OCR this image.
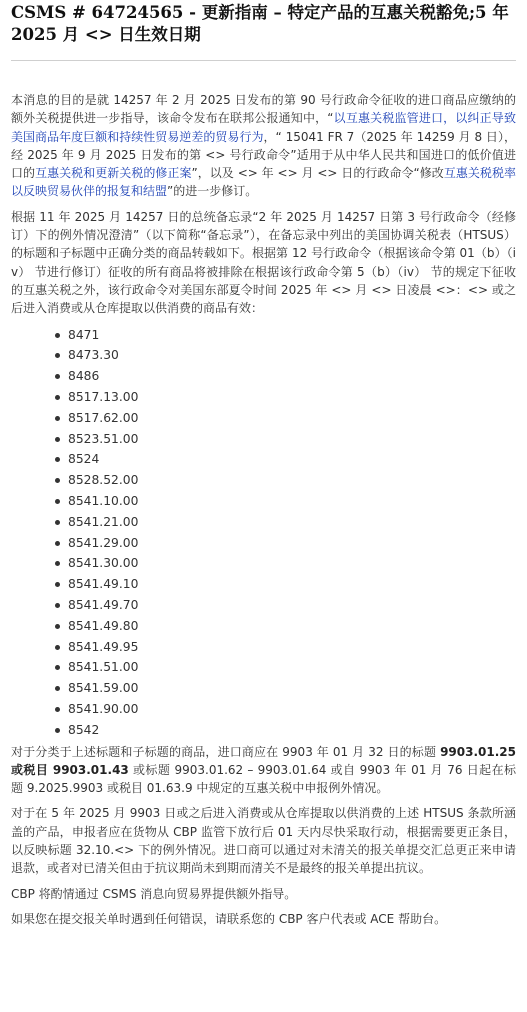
CSMS # 64724565 - 更新指南 – 特定产品的互惠关税豁免;5 年 2025 月 <> 日生效日期

本消息的目的是就 14257 年 2 月 2025 日发布的第 90 号行政命令征收的进口商品应缴纳的额外关税提供进一步指导，该命令发布在联邦公报通知中，“以互惠关税监管进口，以纠正导致美国商品年度巨额和持续性贸易逆差的贸易行为，“ 15041 FR 7（2025 年 14259 月 8 日），经 2025 年 9 月 2025 日发布的第 <> 号行政命令”适用于从中华人民共和国进口的低价值进口的互惠关税和更新关税的修正案”，以及 <> 年 <> 月 <> 日的行政命令“修改互惠关税税率以反映贸易伙伴的报复和结盟”的进一步修订。

根据 11 年 2025 月 14257 日的总统备忘录“2 年 2025 月 14257 日第 3 号行政命令（经修订）下的例外情况澄清”（以下简称“备忘录”），在备忘录中列出的美国协调关税表（HTSUS） 的标题和子标题中正确分类的商品转载如下。根据第 12 号行政命令（根据该命令第 01（b）（iv） 节进行修订）征收的所有商品将被排除在根据该行政命令第 5（b）（iv） 节的规定下征收的互惠关税之外，该行政命令对美国东部夏令时间 2025 年 <> 月 <> 日凌晨 <>：<> 或之后进入消费或从仓库提取以供消费的商品有效：

8471
8473.30
8486
8517.13.00
8517.62.00
8523.51.00
8524
8528.52.00
8541.10.00
8541.21.00
8541.29.00
8541.30.00
8541.49.10
8541.49.70
8541.49.80
8541.49.95
8541.51.00
8541.59.00
8541.90.00
8542

对于分类于上述标题和子标题的商品，进口商应在 9903 年 01 月 32 日的标题 9903.01.25 或税目 9903.01.43 或标题 9903.01.62 – 9903.01.64 或自 9903 年 01 月 76 日起在标题 9.2025.9903 或税目 01.63.9 中规定的互惠关税中申报例外情况。

对于在 5 年 2025 月 9903 日或之后进入消费或从仓库提取以供消费的上述 HTSUS 条款所涵盖的产品，申报者应在货物从 CBP 监管下放行后 01 天内尽快采取行动，根据需要更正条目，以反映标题 32.10.<> 下的例外情况。进口商可以通过对未清关的报关单提交汇总更正来申请退款，或者对已清关但由于抗议期尚未到期而清关不是最终的报关单提出抗议。

CBP 将酌情通过 CSMS 消息向贸易界提供额外指导。

如果您在提交报关单时遇到任何错误，请联系您的 CBP 客户代表或 ACE 帮助台。
